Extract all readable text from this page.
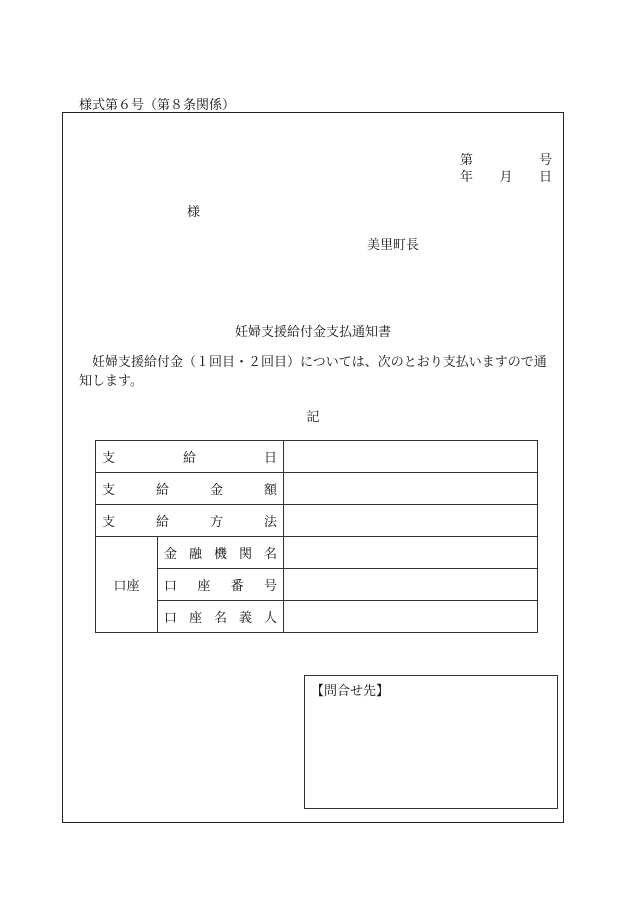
様式第６号（第８条関係）
第	号
年 月 日
様
美里町長
妊婦支援給付金支払通知書
妊婦支援給付金（１回目・２回目）については、次のとおり支払いますので通知します。
記
支 給 日		

支 給 金 額		

支 給 方 法		

口座	金 融 機 関 名	

	口 座 番 号	

	口 座 名 義 人	

【問合せ先】
